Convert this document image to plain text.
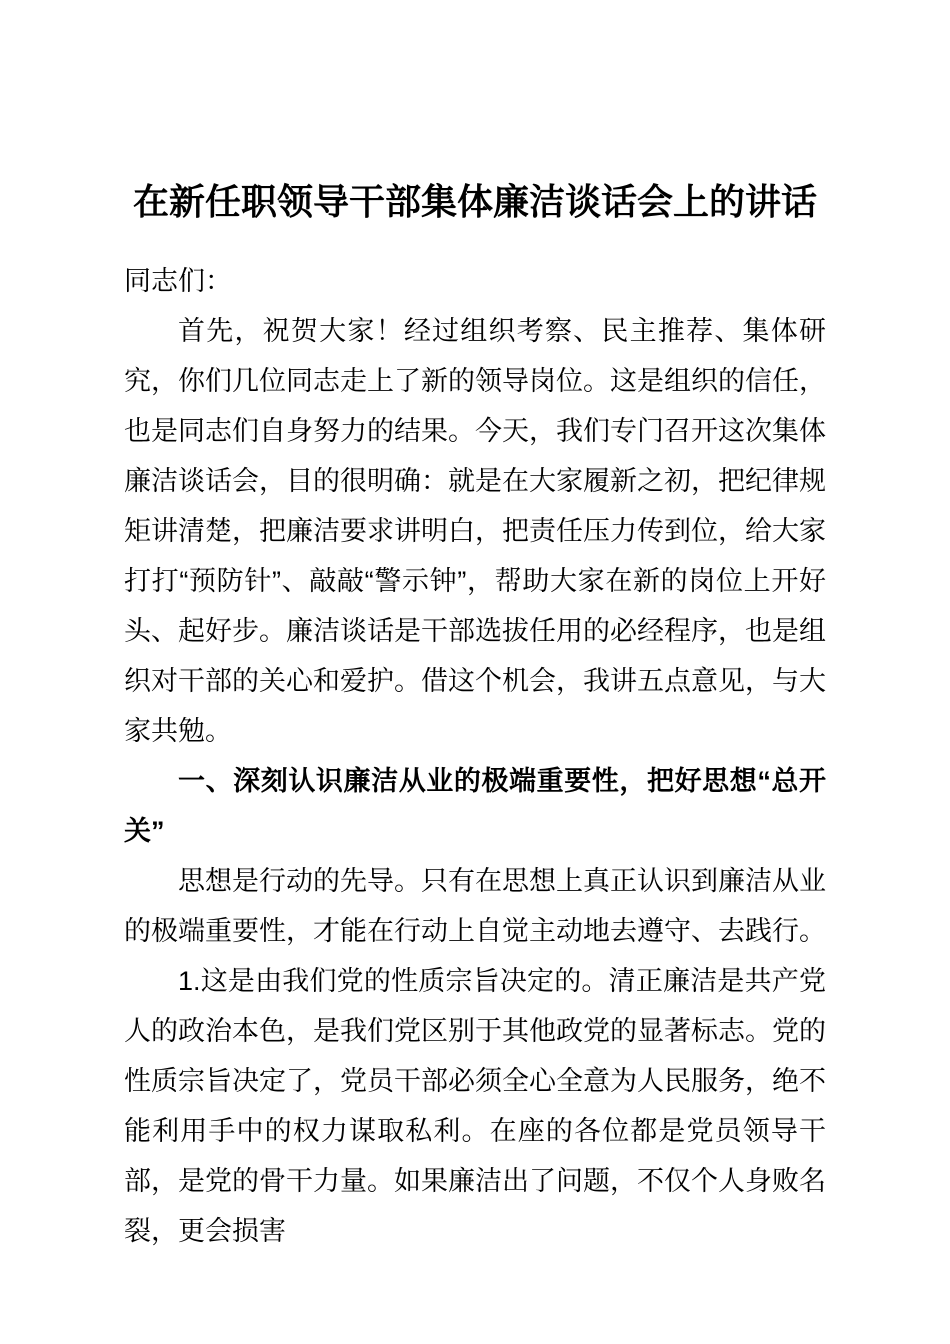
在新任职领导干部集体廉洁谈话会上的讲话

同志们：

首先，祝贺大家！经过组织考察、民主推荐、集体研究，你们几位同志走上了新的领导岗位。这是组织的信任，也是同志们自身努力的结果。今天，我们专门召开这次集体廉洁谈话会，目的很明确：就是在大家履新之初，把纪律规矩讲清楚，把廉洁要求讲明白，把责任压力传到位，给大家打打“预防针”、敲敲“警示钟”，帮助大家在新的岗位上开好头、起好步。廉洁谈话是干部选拔任用的必经程序，也是组织对干部的关心和爱护。借这个机会，我讲五点意见，与大家共勉。

一、深刻认识廉洁从业的极端重要性，把好思想“总开关”

思想是行动的先导。只有在思想上真正认识到廉洁从业的极端重要性，才能在行动上自觉主动地去遵守、去践行。

1.这是由我们党的性质宗旨决定的。清正廉洁是共产党人的政治本色，是我们党区别于其他政党的显著标志。党的性质宗旨决定了，党员干部必须全心全意为人民服务，绝不能利用手中的权力谋取私利。在座的各位都是党员领导干部，是党的骨干力量。如果廉洁出了问题，不仅个人身败名裂，更会损害
